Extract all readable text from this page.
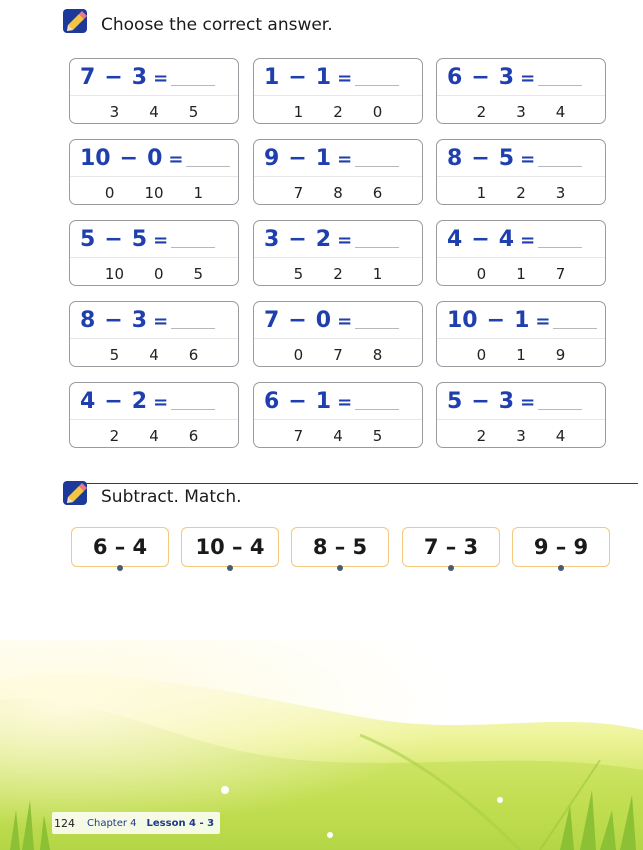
Choose the correct answer.
7 − 3 =
3 4 5
1 − 1 =
1 2 0
6 − 3 =
2 3 4
10 − 0 =
0 10 1
9 − 1 =
7 8 6
8 − 5 =
1 2 3
5 − 5 =
10 0 5
3 − 2 =
5 2 1
4 − 4 =
0 1 7
8 − 3 =
5 4 6
7 − 0 =
0 7 8
10 − 1 =
0 1 9
4 − 2 =
2 4 6
6 − 1 =
7 4 5
5 − 3 =
2 3 4
Subtract. Match.
6 – 4	10 – 4	8 – 5	7 – 3	9 – 9
124 Chapter 4 Lesson 4 - 3
